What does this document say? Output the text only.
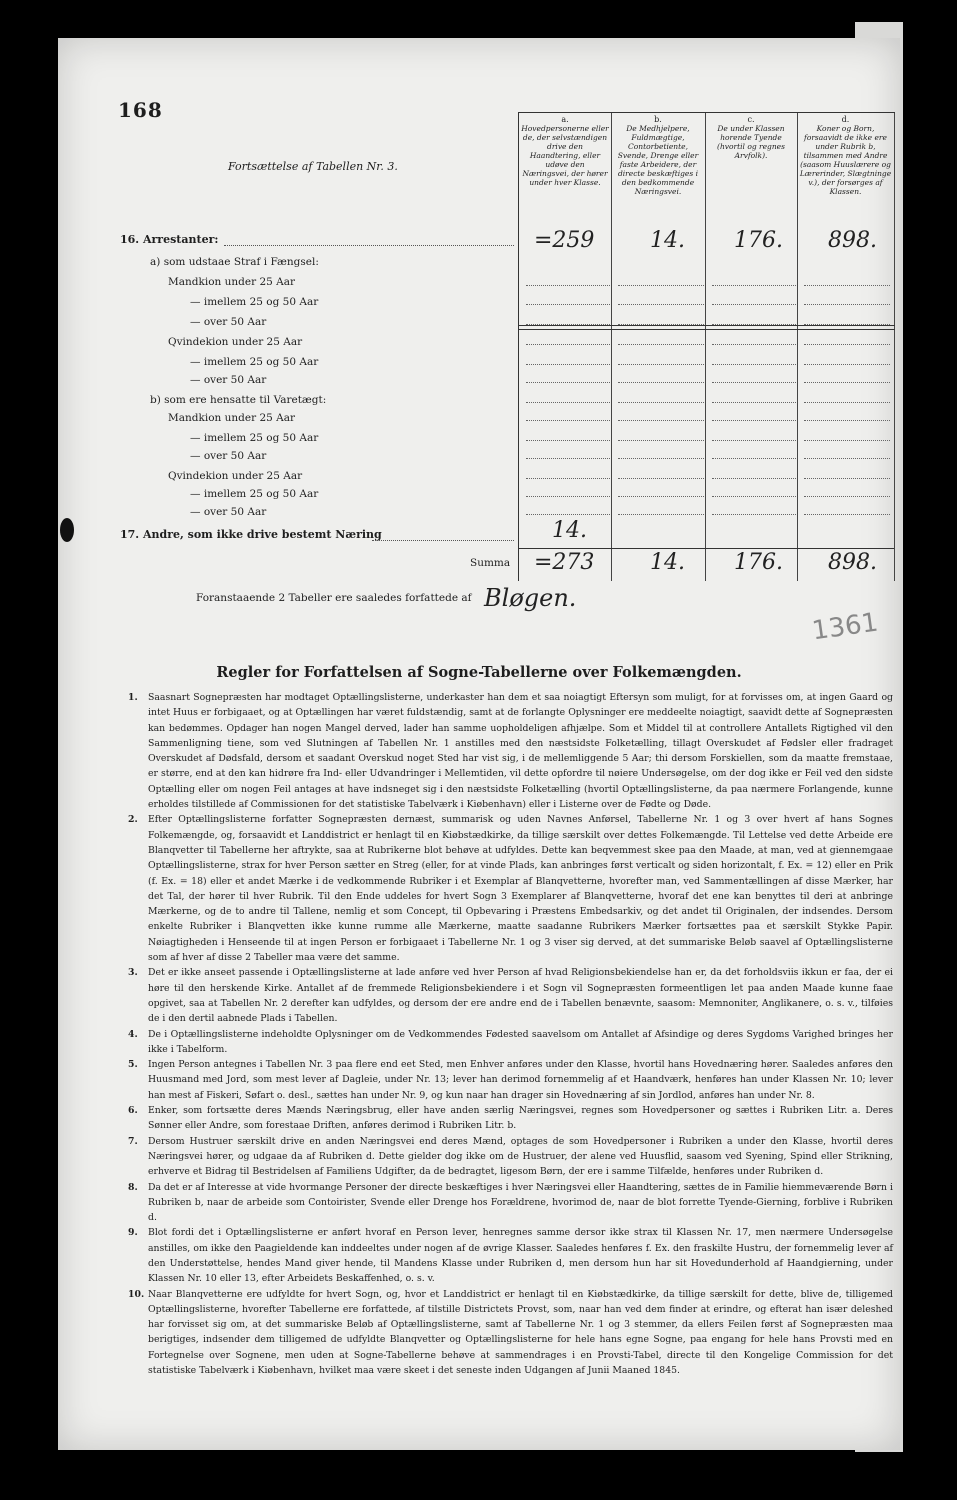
168
Fortsættelse af Tabellen Nr. 3.
a.
Hovedpersonerne eller de, der selvstændigen drive den Haandtering, eller udøve den Næringsvei, der hører under hver Klasse.
b.
De Medhjelpere, Fuldmægtige, Contorbetiente, Svende, Drenge eller faste Arbeidere, der directe beskæftiges i den bedkommende Næringsvei.
c.
De under Klassen horende Tyende (hvortil og regnes Arvfolk).
d.
Koner og Born, forsaavidt de ikke ere under Rubrik b, tilsammen med Andre (saasom Huuslærere og Lærerinder, Slægtninge v.), der forsørges af Klassen.
16. Arrestanter:
a) som udstaae Straf i Fængsel:
Mandkion under 25 Aar
— imellem 25 og 50 Aar
— over 50 Aar
Qvindekion under 25 Aar
— imellem 25 og 50 Aar
— over 50 Aar
b) som ere hensatte til Varetægt:
Mandkion under 25 Aar
— imellem 25 og 50 Aar
— over 50 Aar
Qvindekion under 25 Aar
— imellem 25 og 50 Aar
— over 50 Aar
17. Andre, som ikke drive bestemt Næring
=259	14. 176. 898.
14.
Summa =273	14. 176. 898.
Foranstaaende 2 Tabeller ere saaledes forfattede af Bløgen.
1361
Regler for Forfattelsen af Sogne-Tabellerne over Folkemængden.
1. Saasnart Sognepræsten har modtaget Optællingslisterne, underkaster han dem et saa noiagtigt Eftersyn som muligt, for at forvisses om, at ingen Gaard og intet Huus er forbigaaet, og at Optællingen har været fuldstændig, samt at de forlangte Oplysninger ere meddeelte noiagtigt, saavidt dette af Sognepræsten kan bedømmes. Opdager han nogen Mangel derved, lader han samme uopholdeligen afhjælpe. Som et Middel til at controllere Antallets Rigtighed vil den Sammenligning tiene, som ved Slutningen af Tabellen Nr. 1 anstilles med den næstsidste Folketælling, tillagt Overskudet af Fødsler eller fradraget Overskudet af Dødsfald, dersom et saadant Overskud noget Sted har vist sig, i de mellemliggende 5 Aar; thi dersom Forskiellen, som da maatte fremstaae, er større, end at den kan hidrøre fra Ind- eller Udvandringer i Mellemtiden, vil dette opfordre til nøiere Undersøgelse, om der dog ikke er Feil ved den sidste Optælling eller om nogen Feil antages at have indsneget sig i den næstsidste Folketælling (hvortil Optællingslisterne, da paa nærmere Forlangende, kunne erholdes tilstillede af Commissionen for det statistiske Tabelværk i Kiøbenhavn) eller i Listerne over de Fødte og Døde.
2. Efter Optællingslisterne forfatter Sognepræsten dernæst, summarisk og uden Navnes Anførsel, Tabellerne Nr. 1 og 3 over hvert af hans Sognes Folkemængde, og, forsaavidt et Landdistrict er henlagt til en Kiøbstædkirke, da tillige særskilt over dettes Folkemængde. Til Lettelse ved dette Arbeide ere Blanqvetter til Tabellerne her aftrykte, saa at Rubrikerne blot behøve at udfyldes. Dette kan beqvemmest skee paa den Maade, at man, ved at giennemgaae Optællingslisterne, strax for hver Person sætter en Streg (eller, for at vinde Plads, kan anbringes først verticalt og siden horizontalt, f. Ex. = 12) eller en Prik (f. Ex. = 18) eller et andet Mærke i de vedkommende Rubriker i et Exemplar af Blanqvetterne, hvorefter man, ved Sammentællingen af disse Mærker, har det Tal, der hører til hver Rubrik. Til den Ende uddeles for hvert Sogn 3 Exemplarer af Blanqvetterne, hvoraf det ene kan benyttes til deri at anbringe Mærkerne, og de to andre til Tallene, nemlig et som Concept, til Opbevaring i Præstens Embedsarkiv, og det andet til Originalen, der indsendes. Dersom enkelte Rubriker i Blanqvetten ikke kunne rumme alle Mærkerne, maatte saadanne Rubrikers Mærker fortsættes paa et særskilt Stykke Papir. Nøiagtigheden i Henseende til at ingen Person er forbigaaet i Tabellerne Nr. 1 og 3 viser sig derved, at det summariske Beløb saavel af Optællingslisterne som af hver af disse 2 Tabeller maa være det samme.
3. Det er ikke anseet passende i Optællingslisterne at lade anføre ved hver Person af hvad Religionsbekiendelse han er, da det forholdsviis ikkun er faa, der ei høre til den herskende Kirke. Antallet af de fremmede Religionsbekiendere i et Sogn vil Sognepræsten formeentligen let paa anden Maade kunne faae opgivet, saa at Tabellen Nr. 2 derefter kan udfyldes, og dersom der ere andre end de i Tabellen benævnte, saasom: Memnoniter, Anglikanere, o. s. v., tilføies de i den dertil aabnede Plads i Tabellen.
4. De i Optællingslisterne indeholdte Oplysninger om de Vedkommendes Fødested saavelsom om Antallet af Afsindige og deres Sygdoms Varighed bringes her ikke i Tabelform.
5. Ingen Person antegnes i Tabellen Nr. 3 paa flere end eet Sted, men Enhver anføres under den Klasse, hvortil hans Hovednæring hører. Saaledes anføres den Huusmand med Jord, som mest lever af Dagleie, under Nr. 13; lever han derimod fornemmelig af et Haandværk, henføres han under Klassen Nr. 10; lever han mest af Fiskeri, Søfart o. desl., sættes han under Nr. 9, og kun naar han drager sin Hovednæring af sin Jordlod, anføres han under Nr. 8.
6. Enker, som fortsætte deres Mænds Næringsbrug, eller have anden særlig Næringsvei, regnes som Hovedpersoner og sættes i Rubriken Litr. a. Deres Sønner eller Andre, som forestaae Driften, anføres derimod i Rubriken Litr. b.
7. Dersom Hustruer særskilt drive en anden Næringsvei end deres Mænd, optages de som Hovedpersoner i Rubriken a under den Klasse, hvortil deres Næringsvei hører, og udgaae da af Rubriken d. Dette gielder dog ikke om de Hustruer, der alene ved Huusflid, saasom ved Syening, Spind eller Strikning, erhverve et Bidrag til Bestridelsen af Familiens Udgifter, da de bedragtet, ligesom Børn, der ere i samme Tilfælde, henføres under Rubriken d.
8. Da det er af Interesse at vide hvormange Personer der directe beskæftiges i hver Næringsvei eller Haandtering, sættes de in Familie hiemmeværende Børn i Rubriken b, naar de arbeide som Contoirister, Svende eller Drenge hos Forældrene, hvorimod de, naar de blot forrette Tyende-Gierning, forblive i Rubriken d.
9. Blot fordi det i Optællingslisterne er anført hvoraf en Person lever, henregnes samme dersor ikke strax til Klassen Nr. 17, men nærmere Undersøgelse anstilles, om ikke den Paagieldende kan inddeeltes under nogen af de øvrige Klasser. Saaledes henføres f. Ex. den fraskilte Hustru, der fornemmelig lever af den Understøttelse, hendes Mand giver hende, til Mandens Klasse under Rubriken d, men dersom hun har sit Hovedunderhold af Haandgierning, under Klassen Nr. 10 eller 13, efter Arbeidets Beskaffenhed, o. s. v.
10. Naar Blanqvetterne ere udfyldte for hvert Sogn, og, hvor et Landdistrict er henlagt til en Kiøbstædkirke, da tillige særskilt for dette, blive de, tilligemed Optællingslisterne, hvorefter Tabellerne ere forfattede, af tilstille Districtets Provst, som, naar han ved dem finder at erindre, og efterat han især deleshed har forvisset sig om, at det summariske Beløb af Optællingslisterne, samt af Tabellerne Nr. 1 og 3 stemmer, da ellers Feilen først af Sognepræsten maa berigtiges, indsender dem tilligemed de udfyldte Blanqvetter og Optællingslisterne for hele hans egne Sogne, paa engang for hele hans Provsti med en Fortegnelse over Sognene, men uden at Sogne-Tabellerne behøve at sammendrages i en Provsti-Tabel, directe til den Kongelige Commission for det statistiske Tabelværk i Kiøbenhavn, hvilket maa være skeet i det seneste inden Udgangen af Junii Maaned 1845.
